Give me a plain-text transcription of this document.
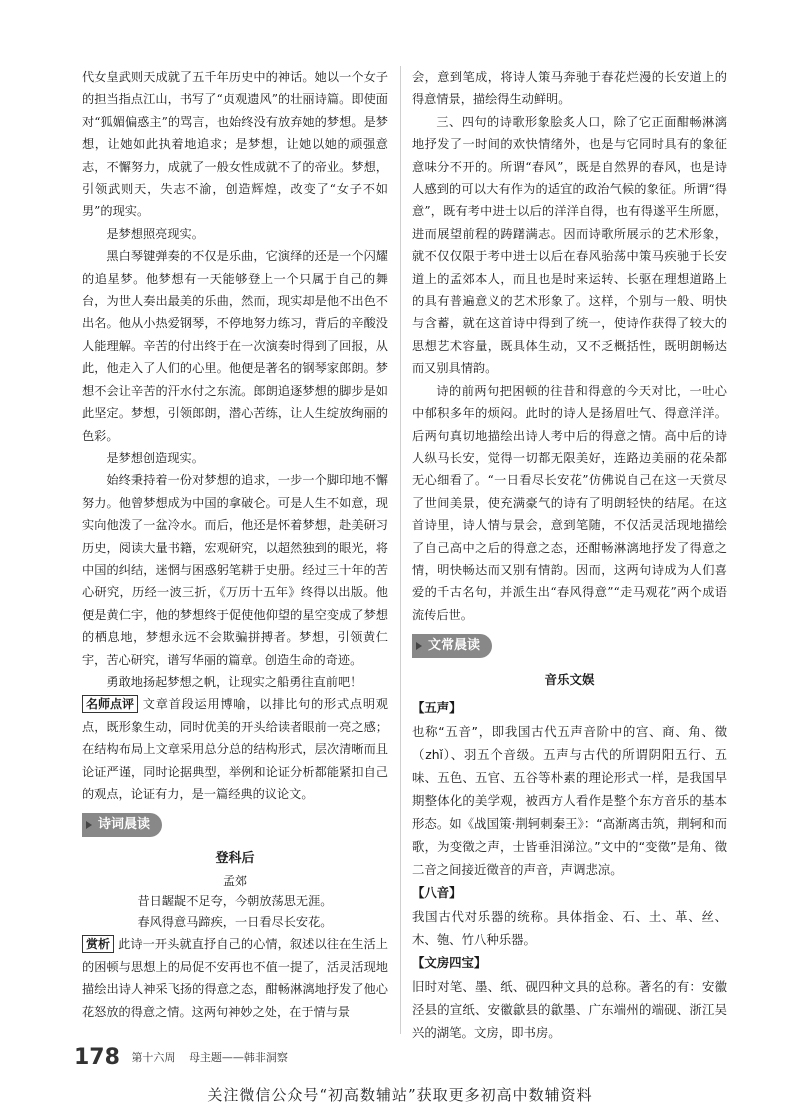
代女皇武则天成就了五千年历史中的神话。她以一个女子的担当指点江山，书写了“贞观遗风”的壮丽诗篇。即使面对“狐媚偏惑主”的骂言，也始终没有放弃她的梦想。是梦想，让她如此执着地追求；是梦想，让她以她的顽强意志，不懈努力，成就了一般女性成就不了的帝业。梦想，引领武则天，失志不渝，创造辉煌，改变了“女子不如男”的现实。

是梦想照亮现实。

黑白琴键弹奏的不仅是乐曲，它演绎的还是一个闪耀的追星梦。他梦想有一天能够登上一个只属于自己的舞台，为世人奏出最美的乐曲，然而，现实却是他不出色不出名。他从小热爱钢琴，不停地努力练习，背后的辛酸没人能理解。辛苦的付出终于在一次演奏时得到了回报，从此，他走入了人们的心里。他便是著名的钢琴家郎朗。梦想不会让辛苦的汗水付之东流。郎朗追逐梦想的脚步是如此坚定。梦想，引领郎朗，潜心苦练，让人生绽放绚丽的色彩。

是梦想创造现实。

始终秉持着一份对梦想的追求，一步一个脚印地不懈努力。他曾梦想成为中国的拿破仑。可是人生不如意，现实向他泼了一盆冷水。而后，他还是怀着梦想，赴美研习历史，阅读大量书籍，宏观研究，以超然独到的眼光，将中国的纠结，迷惘与困惑躬笔耕于史册。经过三十年的苦心研究，历经一波三折，《万历十五年》终得以出版。他便是黄仁宇，他的梦想终于促使他仰望的星空变成了梦想的栖息地，梦想永远不会欺骗拼搏者。梦想，引领黄仁宇，苦心研究，谱写华丽的篇章。创造生命的奇迹。

勇敢地扬起梦想之帆，让现实之船勇往直前吧！

名师点评 文章首段运用博喻，以排比句的形式点明观点，既形象生动，同时优美的开头给读者眼前一亮之感；在结构布局上文章采用总分总的结构形式，层次清晰而且论证严谨，同时论据典型，举例和论证分析都能紧扣自己的观点，论证有力，是一篇经典的议论文。

诗词晨读

登科后

孟郊

昔日龌龊不足夸，今朝放荡思无涯。

春风得意马蹄疾，一日看尽长安花。

赏析 此诗一开头就直抒自己的心情，叙述以往在生活上的困顿与思想上的局促不安再也不值一提了，活灵活现地描绘出诗人神采飞扬的得意之态，酣畅淋漓地抒发了他心花怒放的得意之情。这两句神妙之处，在于情与景

会，意到笔成，将诗人策马奔驰于春花烂漫的长安道上的得意情景，描绘得生动鲜明。

三、四句的诗歌形象脍炙人口，除了它正面酣畅淋漓地抒发了一时间的欢快情绪外，也是与它同时具有的象征意味分不开的。所谓“春风”，既是自然界的春风，也是诗人感到的可以大有作为的适宜的政治气候的象征。所谓“得意”，既有考中进士以后的洋洋自得，也有得遂平生所愿，进而展望前程的踌躇满志。因而诗歌所展示的艺术形象，就不仅仅限于考中进士以后在春风骀荡中策马疾驰于长安道上的孟郊本人，而且也是时来运转、长驱在理想道路上的具有普遍意义的艺术形象了。这样，个别与一般、明快与含蓄，就在这首诗中得到了统一，使诗作获得了较大的思想艺术容量，既具体生动，又不乏概括性，既明朗畅达而又别具情韵。

诗的前两句把困顿的往昔和得意的今天对比，一吐心中郁积多年的烦闷。此时的诗人是扬眉吐气、得意洋洋。后两句真切地描绘出诗人考中后的得意之情。高中后的诗人纵马长安，觉得一切都无限美好，连路边美丽的花朵都无心细看了。“一日看尽长安花”仿佛说自己在这一天赏尽了世间美景，使充满豪气的诗有了明朗轻快的结尾。在这首诗里，诗人情与景会，意到笔随，不仅活灵活现地描绘了自己高中之后的得意之态，还酣畅淋漓地抒发了得意之情，明快畅达而又别有情韵。因而，这两句诗成为人们喜爱的千古名句，并派生出“春风得意”“走马观花”两个成语流传后世。

文常晨读

音乐文娱

【五声】

也称“五音”，即我国古代五声音阶中的宫、商、角、徵（zhǐ）、羽五个音级。五声与古代的所谓阴阳五行、五味、五色、五官、五谷等朴素的理论形式一样，是我国早期整体化的美学观，被西方人看作是整个东方音乐的基本形态。如《战国策·荆轲刺秦王》：“高渐离击筑，荆轲和而歌，为变徵之声，士皆垂泪涕泣。”文中的“变徵”是角、徵二音之间接近徵音的声音，声调悲凉。

【八音】

我国古代对乐器的统称。具体指金、石、土、革、丝、木、匏、竹八种乐器。

【文房四宝】

旧时对笔、墨、纸、砚四种文具的总称。著名的有：安徽泾县的宣纸、安徽歙县的歙墨、广东端州的端砚、浙江吴兴的湖笔。文房，即书房。

178 第十六周 母主题——韩非洞察
关注微信公众号“初高数辅站”获取更多初高中数辅资料
